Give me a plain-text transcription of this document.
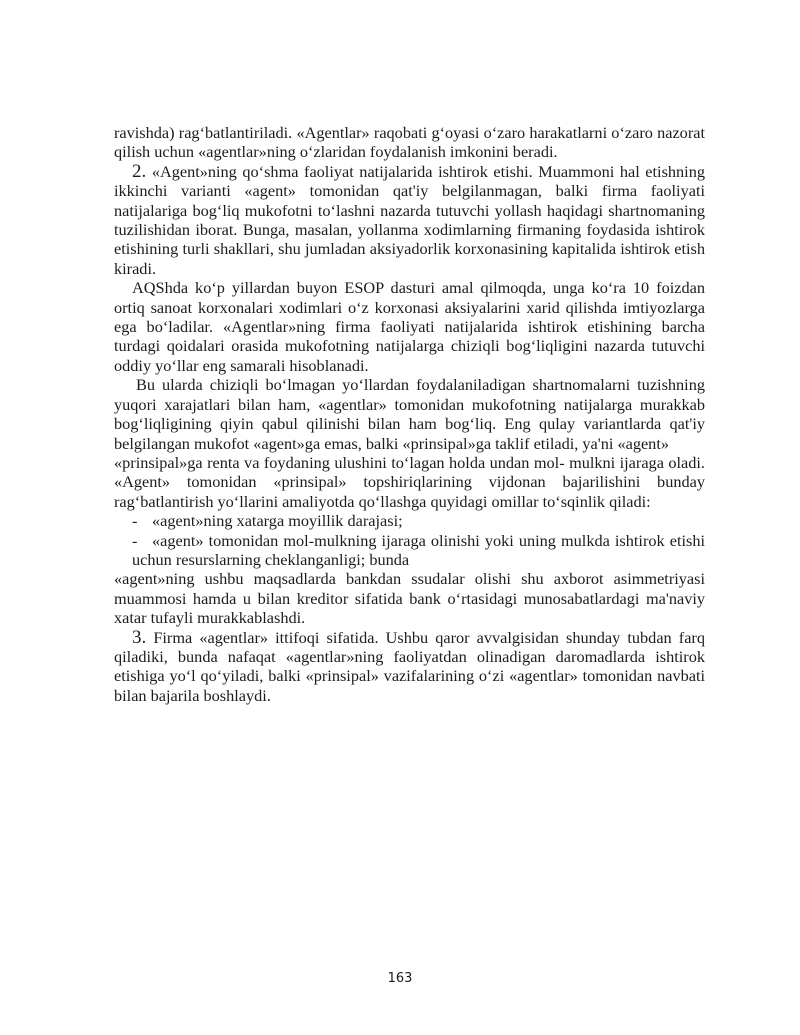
ravishda) rag‘batlantiriladi. «Agentlar» raqobati g‘oyasi o‘zaro harakatlarni o‘zaro nazorat qilish uchun «agentlar»ning o‘zlaridan foydalanish imkonini beradi.

2. «Agent»ning qo‘shma faoliyat natijalarida ishtirok etishi. Muammoni hal etishning ikkinchi varianti «agent» tomonidan qat'iy belgilanmagan, balki firma faoliyati natijalariga bog‘liq mukofotni to‘lashni nazarda tutuvchi yollash haqidagi shartnomaning tuzilishidan iborat. Bunga, masalan, yollanma xodimlarning firmaning foydasida ishtirok etishining turli shakllari, shu jumladan aksiyadorlik korxonasining kapitalida ishtirok etish kiradi.

AQShda ko‘p yillardan buyon ESOP dasturi amal qilmoqda, unga ko‘ra 10 foizdan ortiq sanoat korxonalari xodimlari o‘z korxonasi aksiyalarini xarid qilishda imtiyozlarga ega bo‘ladilar. «Agentlar»ning firma faoliyati natijalarida ishtirok etishining barcha turdagi qoidalari orasida mukofotning natijalarga chiziqli bog‘liqligini nazarda tutuvchi oddiy yo‘llar eng samarali hisoblanadi.

Bu ularda chiziqli bo‘lmagan yo‘llardan foydalaniladigan shartnomalarni tuzishning yuqori xarajatlari bilan ham, «agentlar» tomonidan mukofotning natijalarga murakkab bog‘liqligining qiyin qabul qilinishi bilan ham bog‘liq. Eng qulay variantlarda qat'iy belgilangan mukofot «agent»ga emas, balki «prinsipal»ga taklif etiladi, ya'ni «agent»

«prinsipal»ga renta va foydaning ulushini to‘lagan holda undan mol- mulkni ijaraga oladi. «Agent» tomonidan «prinsipal» topshiriqlarining vijdonan bajarilishini bunday rag‘batlantirish yo‘llarini amaliyotda qo‘llashga quyidagi omillar to‘sqinlik qiladi:

- «agent»ning xatarga moyillik darajasi;

- «agent» tomonidan mol-mulkning ijaraga olinishi yoki uning mulkda ishtirok etishi uchun resurslarning cheklanganligi; bunda

«agent»ning ushbu maqsadlarda bankdan ssudalar olishi shu axborot asimmetriyasi muammosi hamda u bilan kreditor sifatida bank o‘rtasidagi munosabatlardagi ma'naviy xatar tufayli murakkablashdi.

3. Firma «agentlar» ittifoqi sifatida. Ushbu qaror avvalgisidan shunday tubdan farq qiladiki, bunda nafaqat «agentlar»ning faoliyatdan olinadigan daromadlarda ishtirok etishiga yo‘l qo‘yiladi, balki «prinsipal» vazifalarining o‘zi «agentlar» tomonidan navbati bilan bajarila boshlaydi.

163
